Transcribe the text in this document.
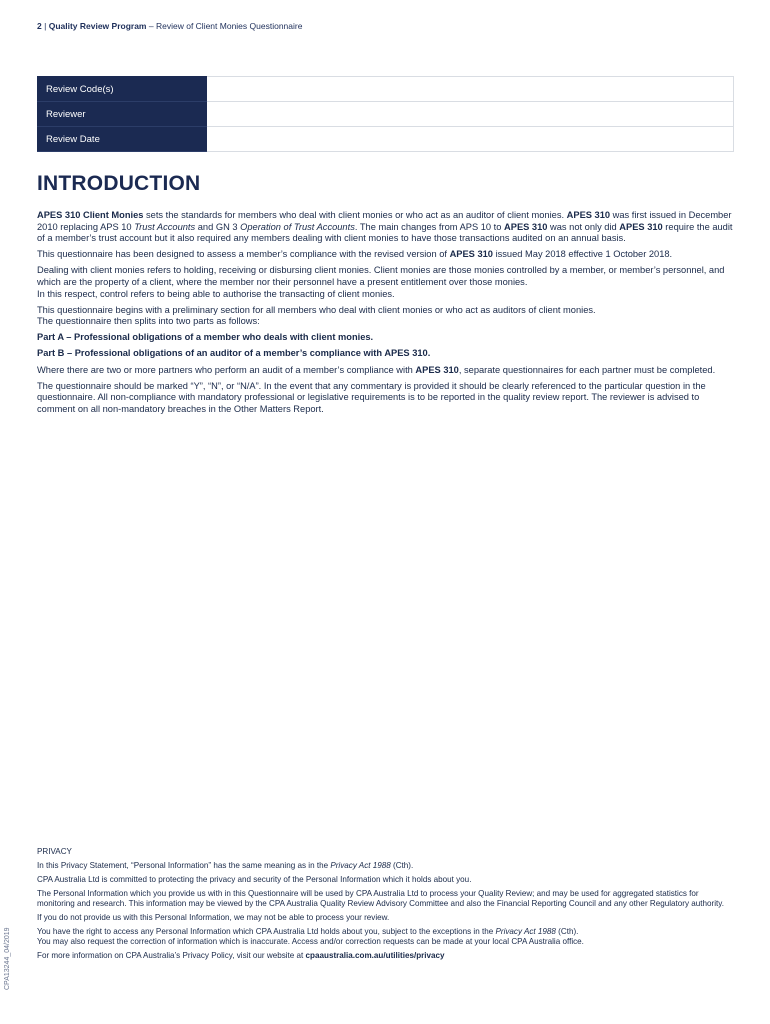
2 | Quality Review Program – Review of Client Monies Questionnaire
Review Code(s)	
Reviewer	
Review Date	
INTRODUCTION

APES 310 Client Monies sets the standards for members who deal with client monies or who act as an auditor of client monies. APES 310 was first issued in December 2010 replacing APS 10 Trust Accounts and GN 3 Operation of Trust Accounts. The main changes from APS 10 to APES 310 was not only did APES 310 require the audit of a member’s trust account but it also required any members dealing with client monies to have those transactions audited on an annual basis.

This questionnaire has been designed to assess a member’s compliance with the revised version of APES 310 issued May 2018 effective 1 October 2018.

Dealing with client monies refers to holding, receiving or disbursing client monies. Client monies are those monies controlled by a member, or member’s personnel, and which are the property of a client, where the member nor their personnel have a present entitlement over those monies.
In this respect, control refers to being able to authorise the transacting of client monies.

This questionnaire begins with a preliminary section for all members who deal with client monies or who act as auditors of client monies.
The questionnaire then splits into two parts as follows:

Part A – Professional obligations of a member who deals with client monies.

Part B – Professional obligations of an auditor of a member’s compliance with APES 310.

Where there are two or more partners who perform an audit of a member’s compliance with APES 310, separate questionnaires for each partner must be completed.

The questionnaire should be marked “Y”, “N”, or “N/A”. In the event that any commentary is provided it should be clearly referenced to the particular question in the questionnaire. All non-compliance with mandatory professional or legislative requirements is to be reported in the quality review report. The reviewer is advised to comment on all non-mandatory breaches in the Other Matters Report.

PRIVACY

In this Privacy Statement, “Personal Information” has the same meaning as in the Privacy Act 1988 (Cth).

CPA Australia Ltd is committed to protecting the privacy and security of the Personal Information which it holds about you.

The Personal Information which you provide us with in this Questionnaire will be used by CPA Australia Ltd to process your Quality Review; and may be used for aggregated statistics for monitoring and research. This information may be viewed by the CPA Australia Quality Review Advisory Committee and also the Financial Reporting Council and any other Regulatory authority.

If you do not provide us with this Personal Information, we may not be able to process your review.

You have the right to access any Personal Information which CPA Australia Ltd holds about you, subject to the exceptions in the Privacy Act 1988 (Cth).
You may also request the correction of information which is inaccurate. Access and/or correction requests can be made at your local CPA Australia office.

For more information on CPA Australia’s Privacy Policy, visit our website at cpaaustralia.com.au/utilities/privacy

CPA13244_04/2019
